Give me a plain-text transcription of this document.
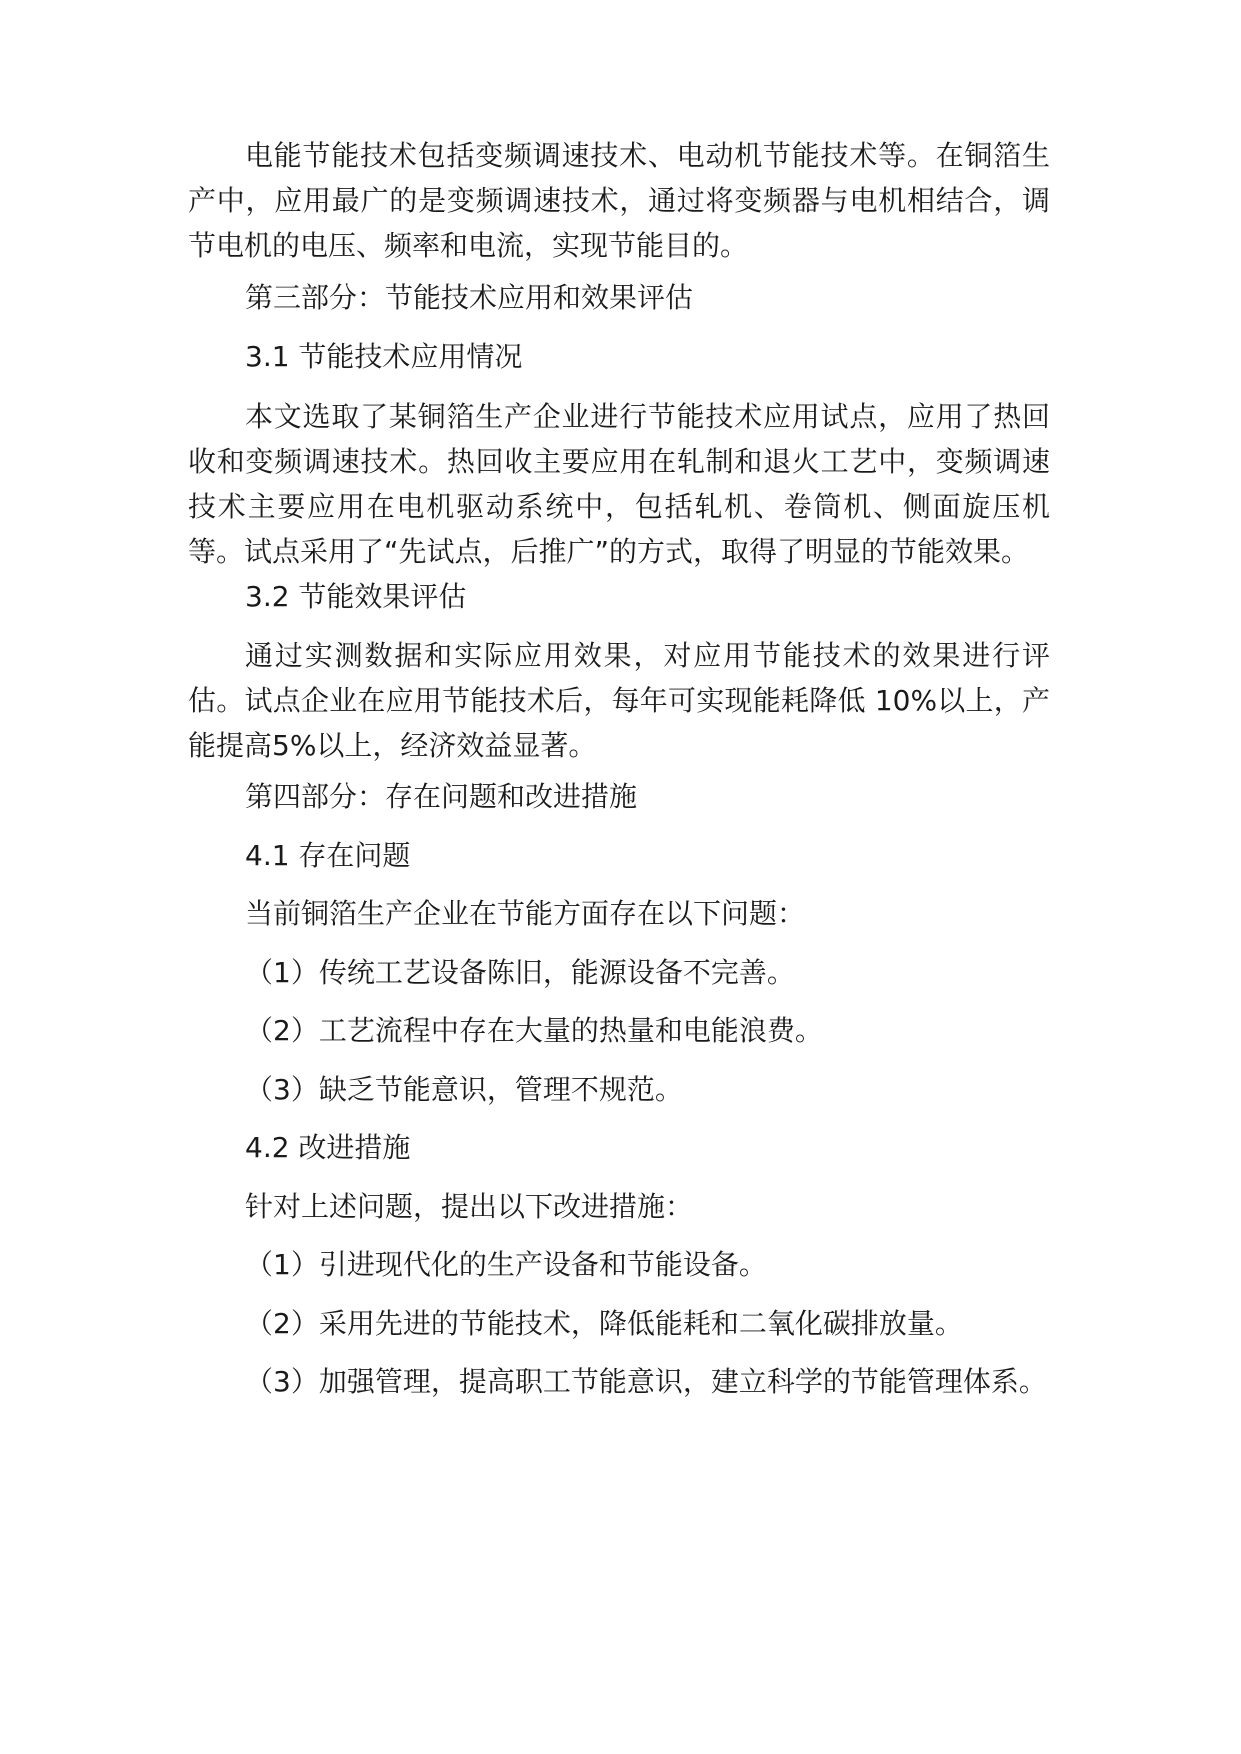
电能节能技术包括变频调速技术、电动机节能技术等。在铜箔生产中，应用最广的是变频调速技术，通过将变频器与电机相结合，调节电机的电压、频率和电流，实现节能目的。

第三部分：节能技术应用和效果评估

3.1 节能技术应用情况

本文选取了某铜箔生产企业进行节能技术应用试点，应用了热回收和变频调速技术。热回收主要应用在轧制和退火工艺中，变频调速技术主要应用在电机驱动系统中，包括轧机、卷筒机、侧面旋压机等。试点采用了“先试点，后推广”的方式，取得了明显的节能效果。

3.2 节能效果评估

通过实测数据和实际应用效果，对应用节能技术的效果进行评估。试点企业在应用节能技术后，每年可实现能耗降低 10%以上，产能提高5%以上，经济效益显著。

第四部分：存在问题和改进措施

4.1 存在问题

当前铜箔生产企业在节能方面存在以下问题：

（1）传统工艺设备陈旧，能源设备不完善。

（2）工艺流程中存在大量的热量和电能浪费。

（3）缺乏节能意识，管理不规范。

4.2 改进措施

针对上述问题，提出以下改进措施：

（1）引进现代化的生产设备和节能设备。

（2）采用先进的节能技术，降低能耗和二氧化碳排放量。

（3）加强管理，提高职工节能意识，建立科学的节能管理体系。
